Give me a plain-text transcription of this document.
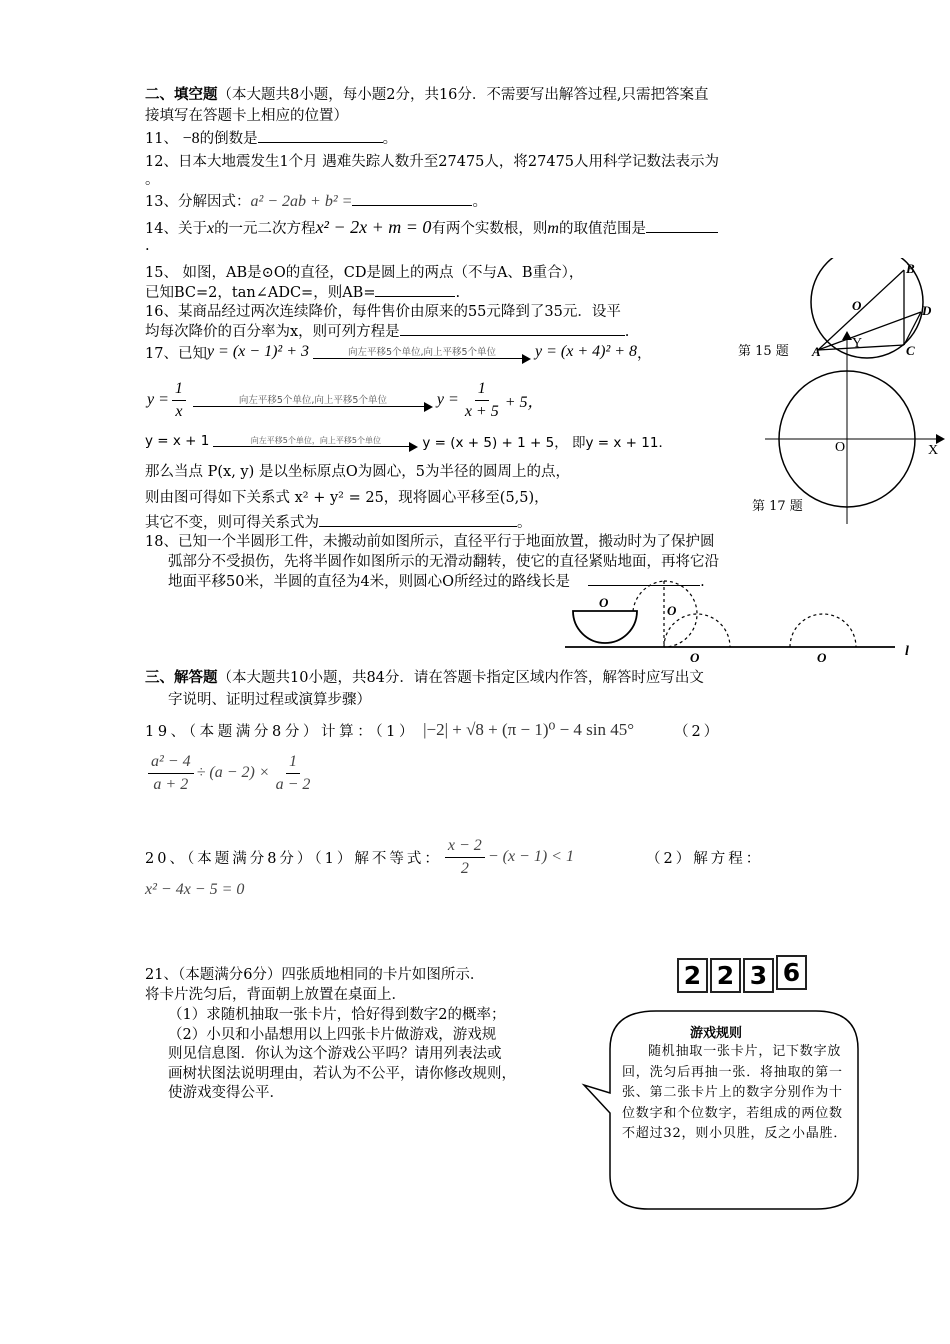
二、填空题（本大题共8小题，每小题2分，共16分．不需要写出解答过程,只需把答案直
接填写在答题卡上相应的位置）
11、 −8的倒数是	。
12、日本大地震发生1个月 遇难失踪人数升至27475人，将27475人用科学记数法表示为
。
13、分解因式：a² − 2ab + b² =	。
14、关于x的一元二次方程x² − 2x + m = 0有两个实数根，则m的取值范围是
.
15、 如图，AB是⊙O的直径，CD是圆上的两点（不与A、B重合），
已知BC=2，tan∠ADC=，则AB=	.
16、某商品经过两次连续降价，每件售价由原来的55元降到了35元．设平
均每次降价的百分率为x，则可列方程是	.
17、已知 y = (x − 1)² + 3	向左平移5个单位,向上平移5个单位 y = (x + 4)² + 8 ，
$y = \frac{1}{x}$	向左平移5个单位,向上平移5个单位	$y = \frac{1}{x + 5} + 5$，
y = x + 1	向左平移5个单位，向上平移5个单位	y = (x + 5) + 1 + 5， 即y = x + 11．
那么当点 P(x, y) 是以坐标原点O为圆心，5为半径的圆周上的点，
则由图可得如下关系式 x² + y² = 25，现将圆心平移至(5,5)，
其它不变，则可得关系式为	。
18、已知一个半圆形工件，未搬动前如图所示，直径平行于地面放置，搬动时为了保护圆
弧部分不受损伤，先将半圆作如图所示的无滑动翻转，使它的直径紧贴地面，再将它沿
地面平移50米，半圆的直径为4米，则圆心O所经过的路线长是	.
O
B
D
C
A
第 15 题
Y
X
O
第 17 题
O
O
O	O	l
三、解答题（本大题共10小题，共84分．请在答题卡指定区域内作答，解答时应写出文
字说明、证明过程或演算步骤）
19、（本题满分8分）计算：（1） |−2| + √8 + (π − 1)⁰ − 4 sin 45°	（2）
$\frac{\text{a² − 4}}{a + 2} \div (a - 2) \times \frac{1}{a - 2}$
20、（本题满分8分）（1）解不等式： $\frac{x - 2}{2} - (x - 1) < 1$	（2）解方程：
x² − 4x − 5 = 0
21、（本题满分6分）四张质地相同的卡片如图所示．
将卡片洗匀后，背面朝上放置在桌面上．
（1）求随机抽取一张卡片，恰好得到数字2的概率；
（2）小贝和小晶想用以上四张卡片做游戏，游戏规
则见信息图．你认为这个游戏公平吗？请用列表法或
画树状图法说明理由，若认为不公平，请你修改规则，
使游戏变得公平．
2 2 3 6
游戏规则
随机抽取一张卡片，记下数字放回，洗匀后再抽一张．将抽取的第一张、第二张卡片上的数字分别作为十位数字和个位数字，若组成的两位数不超过32，则小贝胜，反之小晶胜．
